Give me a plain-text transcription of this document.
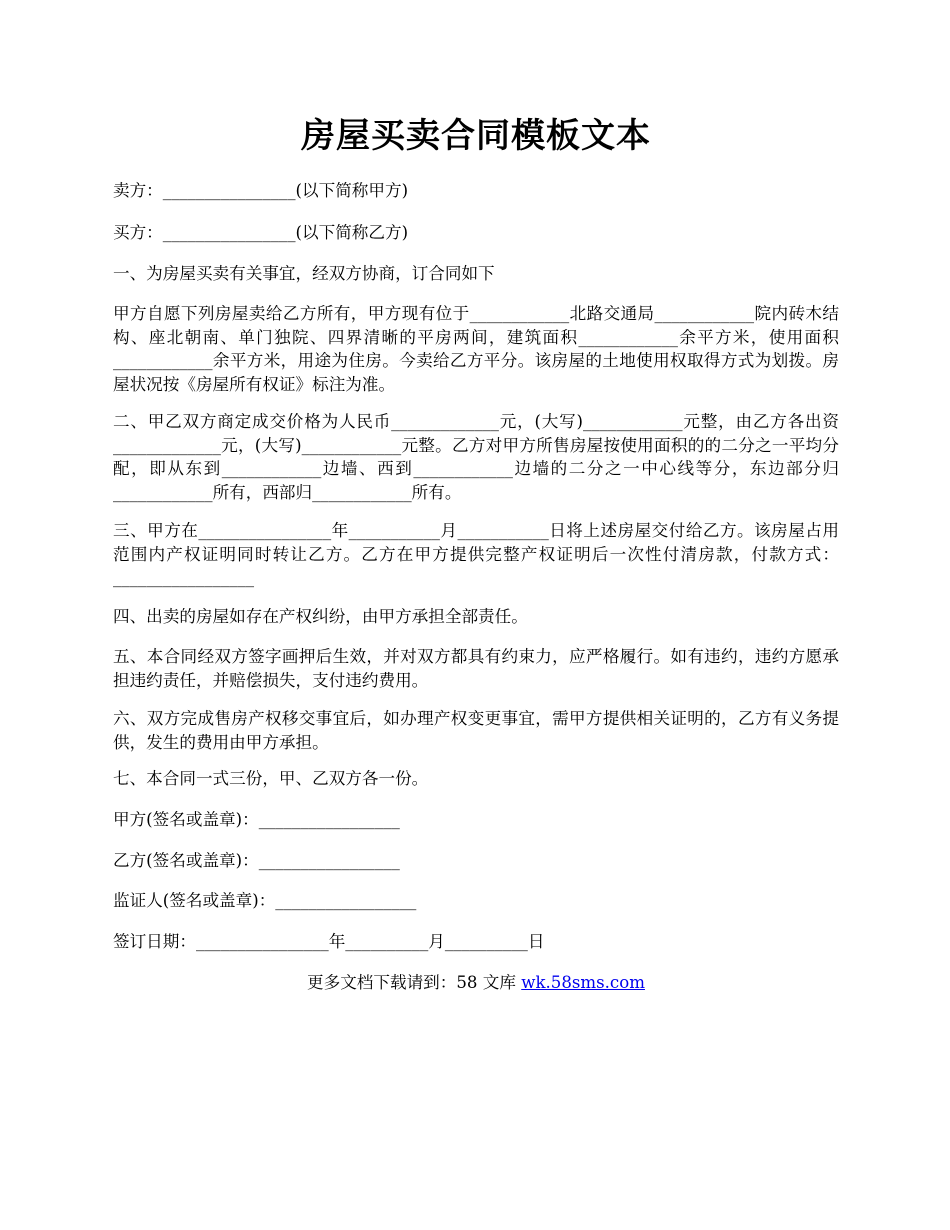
房屋买卖合同模板文本
卖方：________________(以下简称甲方)
买方：________________(以下简称乙方)
一、为房屋买卖有关事宜，经双方协商，订合同如下
甲方自愿下列房屋卖给乙方所有，甲方现有位于____________北路交通局____________院内砖木结构、座北朝南、单门独院、四界清晰的平房两间，建筑面积____________余平方米，使用面积____________余平方米，用途为住房。今卖给乙方平分。该房屋的土地使用权取得方式为划拨。房屋状况按《房屋所有权证》标注为准。
二、甲乙双方商定成交价格为人民币_____________元，(大写)____________元整，由乙方各出资_____________元，(大写)____________元整。乙方对甲方所售房屋按使用面积的的二分之一平均分配，即从东到____________边墙、西到____________边墙的二分之一中心线等分，东边部分归____________所有，西部归____________所有。
三、甲方在________________年___________月___________日将上述房屋交付给乙方。该房屋占用范围内产权证明同时转让乙方。乙方在甲方提供完整产权证明后一次性付清房款，付款方式：_________________
四、出卖的房屋如存在产权纠纷，由甲方承担全部责任。
五、本合同经双方签字画押后生效，并对双方都具有约束力，应严格履行。如有违约，违约方愿承担违约责任，并赔偿损失，支付违约费用。
六、双方完成售房产权移交事宜后，如办理产权变更事宜，需甲方提供相关证明的，乙方有义务提供，发生的费用由甲方承担。
七、本合同一式三份，甲、乙双方各一份。
甲方(签名或盖章)：_________________
乙方(签名或盖章)：_________________
监证人(签名或盖章)：_________________
签订日期：________________年__________月__________日
更多文档下载请到：58 文库 wk.58sms.com
